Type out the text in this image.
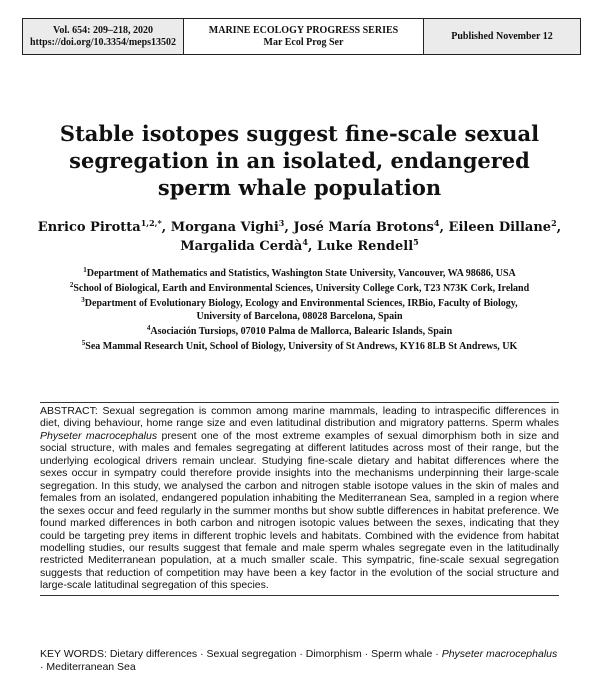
Vol. 654: 209–218, 2020
https://doi.org/10.3354/meps13502
MARINE ECOLOGY PROGRESS SERIES
Mar Ecol Prog Ser
Published November 12
Stable isotopes suggest fine-scale sexual
segregation in an isolated, endangered
sperm whale population
Enrico Pirotta$^{1,2,*}$, Morgana Vighi$^3$, José María Brotons$^4$, Eileen Dillane$^2$,
Margalida Cerdà$^4$, Luke Rendell$^5$
$^1$Department of Mathematics and Statistics, Washington State University, Vancouver, WA 98686, USA
$^2$School of Biological, Earth and Environmental Sciences, University College Cork, T23 N73K Cork, Ireland
$^3$Department of Evolutionary Biology, Ecology and Environmental Sciences, IRBio, Faculty of Biology,
University of Barcelona, 08028 Barcelona, Spain
$^4$Asociación Tursiops, 07010 Palma de Mallorca, Balearic Islands, Spain
$^5$Sea Mammal Research Unit, School of Biology, University of St Andrews, KY16 8LB St Andrews, UK
ABSTRACT: Sexual segregation is common among marine mammals, leading to intraspecific differences in diet, diving behaviour, home range size and even latitudinal distribution and migratory patterns. Sperm whales Physeter macrocephalus present one of the most extreme examples of sexual dimorphism both in size and social structure, with males and females segregating at different latitudes across most of their range, but the underlying ecological drivers remain unclear. Studying fine-scale dietary and habitat differences where the sexes occur in sympatry could therefore provide insights into the mechanisms underpinning their large-scale segregation. In this study, we analysed the carbon and nitrogen stable isotope values in the skin of males and females from an isolated, endangered population inhabiting the Mediterranean Sea, sampled in a region where the sexes occur and feed regularly in the summer months but show subtle differences in habitat preference. We found marked differences in both carbon and nitrogen isotopic values between the sexes, indicating that they could be targeting prey items in different trophic levels and habitats. Combined with the evidence from habitat modelling studies, our results suggest that female and male sperm whales segregate even in the latitudinally restricted Mediterranean population, at a much smaller scale. This sympatric, fine-scale sexual segregation suggests that reduction of competition may have been a key factor in the evolution of the social structure and large-scale latitudinal segregation of this species.
KEY WORDS: Dietary differences · Sexual segregation · Dimorphism · Sperm whale · Physeter macrocephalus · Mediterranean Sea
